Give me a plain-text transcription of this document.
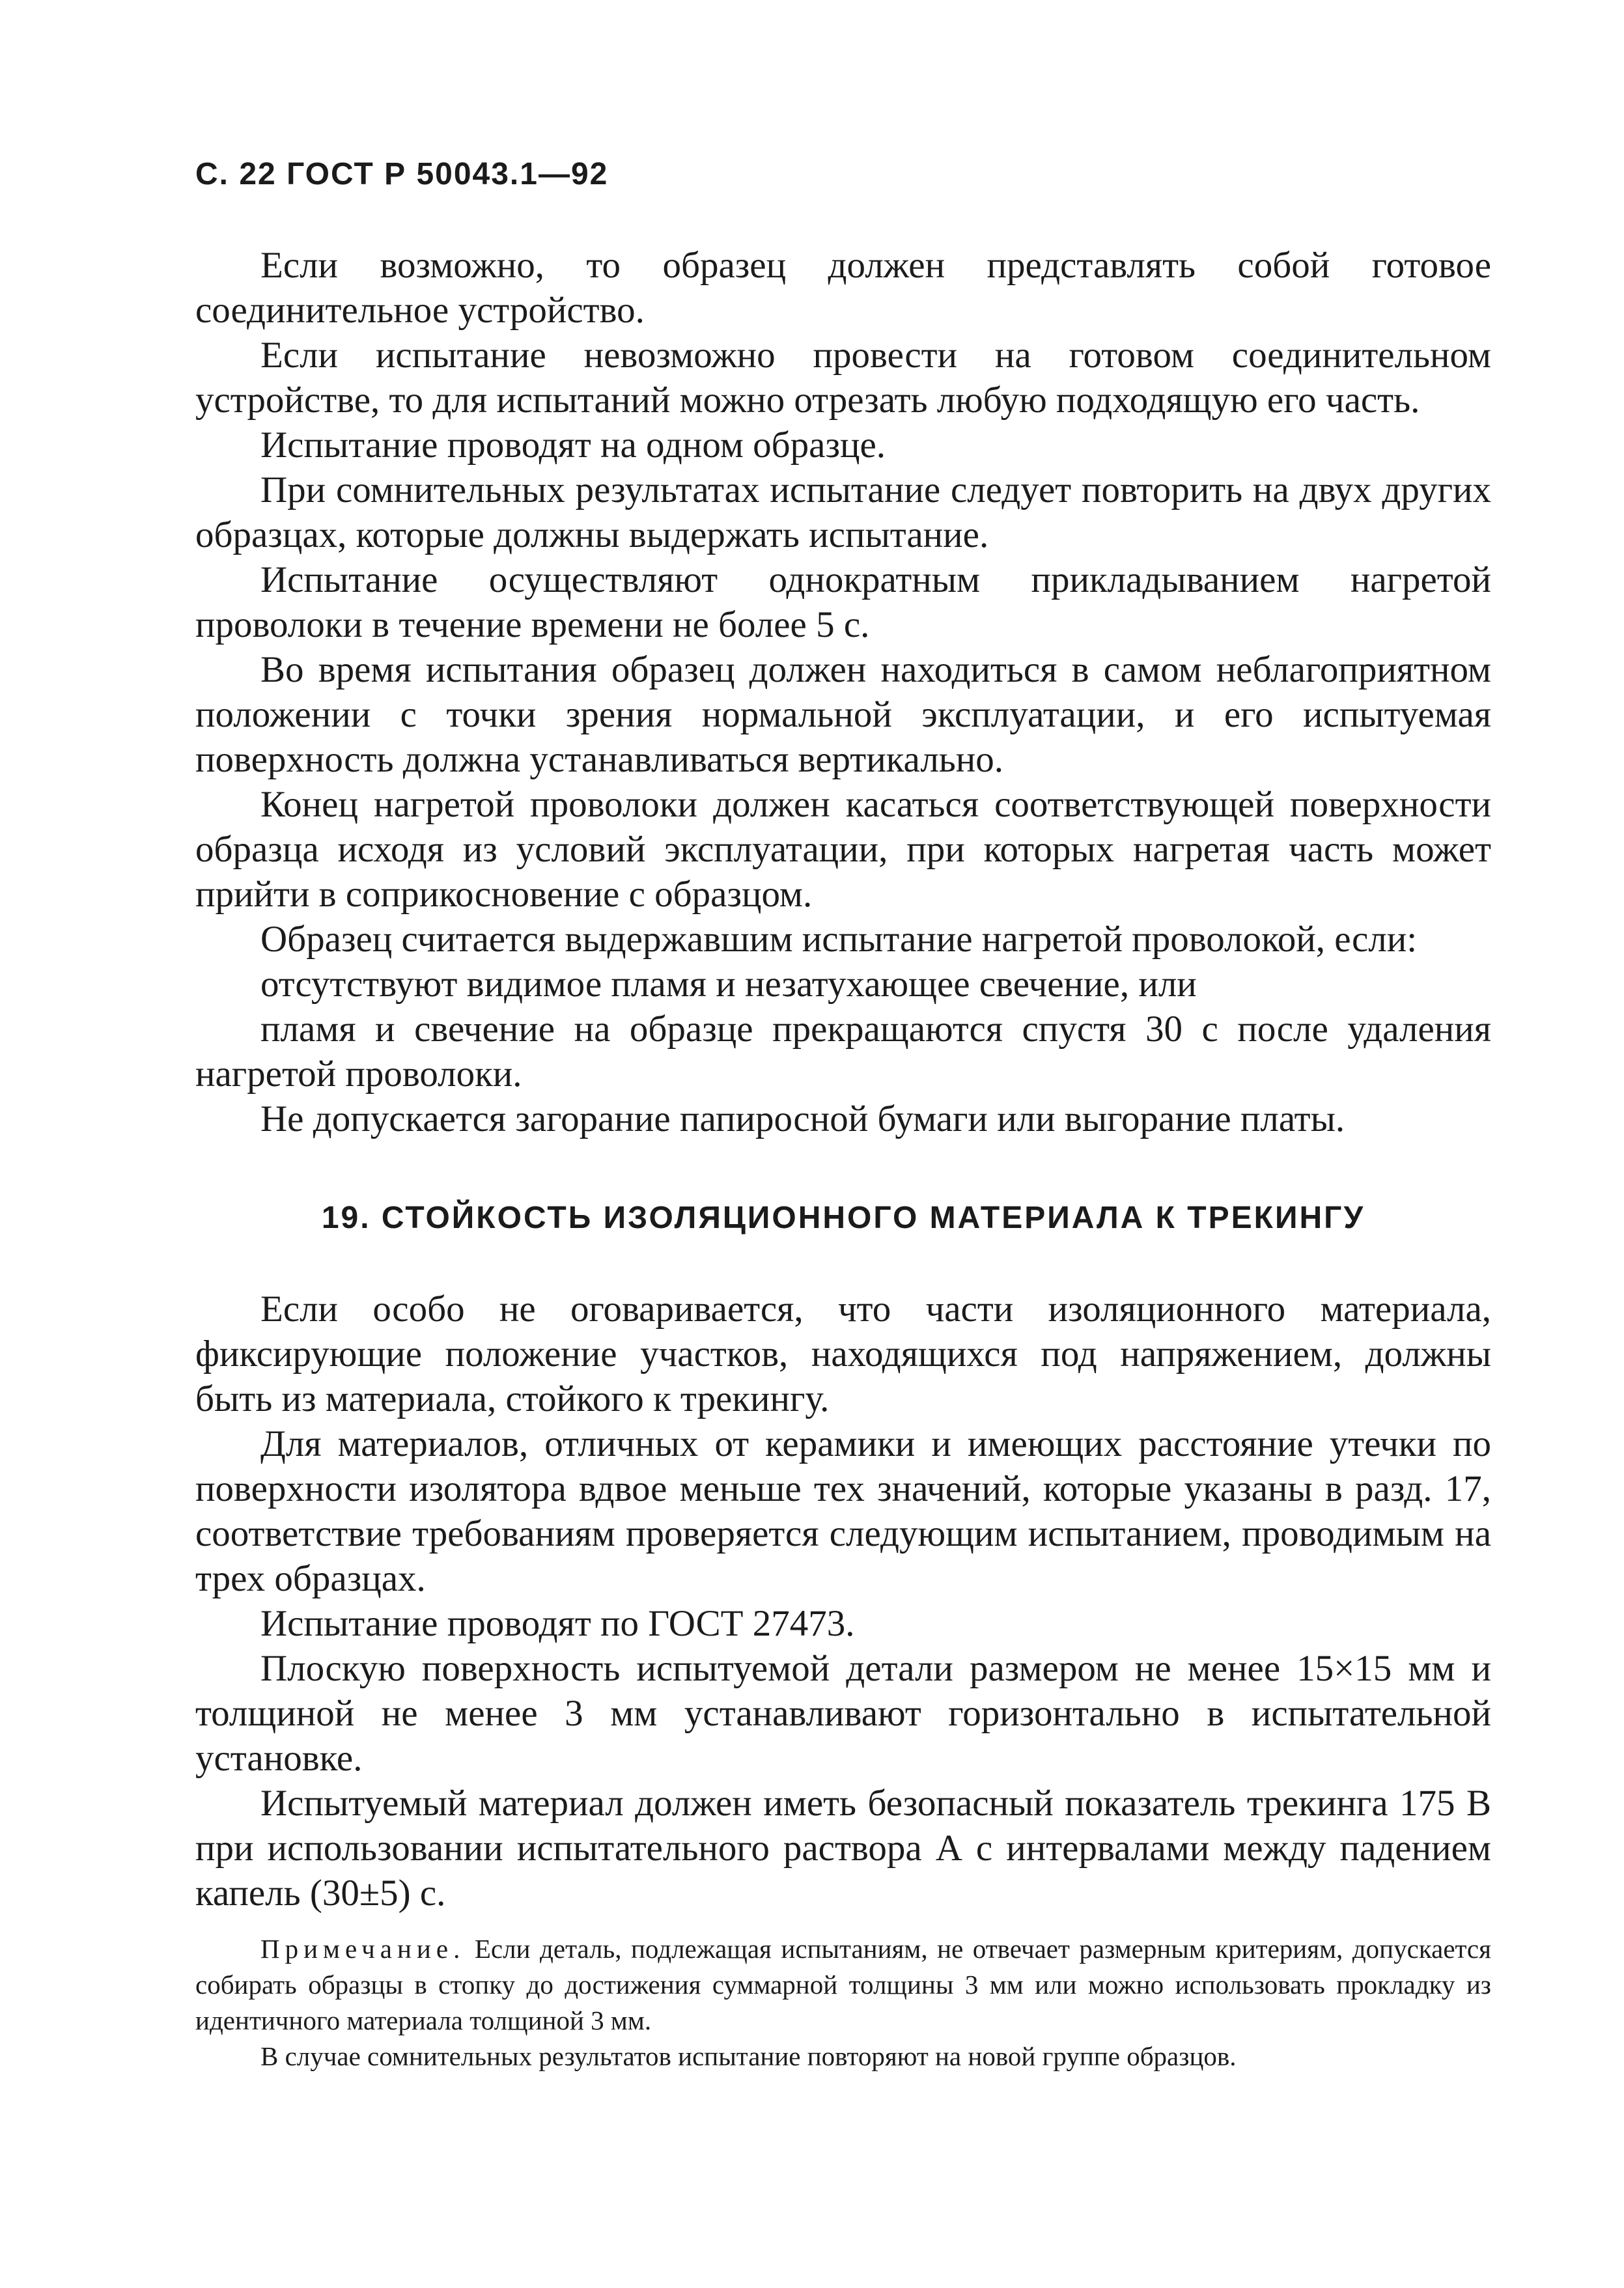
С. 22 ГОСТ Р 50043.1—92

Если возможно, то образец должен представлять собой готовое соединительное устройство.

Если испытание невозможно провести на готовом соединительном устройстве, то для испытаний можно отрезать любую подходящую его часть.

Испытание проводят на одном образце.

При сомнительных результатах испытание следует повторить на двух других образцах, которые должны выдержать испытание.

Испытание осуществляют однократным прикладыванием нагретой проволоки в течение времени не более 5 с.

Во время испытания образец должен находиться в самом неблагоприятном положении с точки зрения нормальной эксплуатации, и его испытуемая поверхность должна устанавливаться вертикально.

Конец нагретой проволоки должен касаться соответствующей поверхности образца исходя из условий эксплуатации, при которых нагретая часть может прийти в соприкосновение с образцом.

Образец считается выдержавшим испытание нагретой проволокой, если:

отсутствуют видимое пламя и незатухающее свечение, или

пламя и свечение на образце прекращаются спустя 30 с после удаления нагретой проволоки.

Не допускается загорание папиросной бумаги или выгорание платы.

19. СТОЙКОСТЬ ИЗОЛЯЦИОННОГО МАТЕРИАЛА К ТРЕКИНГУ

Если особо не оговаривается, что части изоляционного материала, фиксирующие положение участков, находящихся под напряжением, должны быть из материала, стойкого к трекингу.

Для материалов, отличных от керамики и имеющих расстояние утечки по поверхности изолятора вдвое меньше тех значений, которые указаны в разд. 17, соответствие требованиям проверяется следующим испытанием, проводимым на трех образцах.

Испытание проводят по ГОСТ 27473.

Плоскую поверхность испытуемой детали размером не менее 15×15 мм и толщиной не менее 3 мм устанавливают горизонтально в испытательной установке.

Испытуемый материал должен иметь безопасный показатель трекинга 175 В при использовании испытательного раствора А с интервалами между падением капель (30±5) с.

Примечание. Если деталь, подлежащая испытаниям, не отвечает размерным критериям, допускается собирать образцы в стопку до достижения суммарной толщины 3 мм или можно использовать прокладку из идентичного материала толщиной 3 мм.

В случае сомнительных результатов испытание повторяют на новой группе образцов.
